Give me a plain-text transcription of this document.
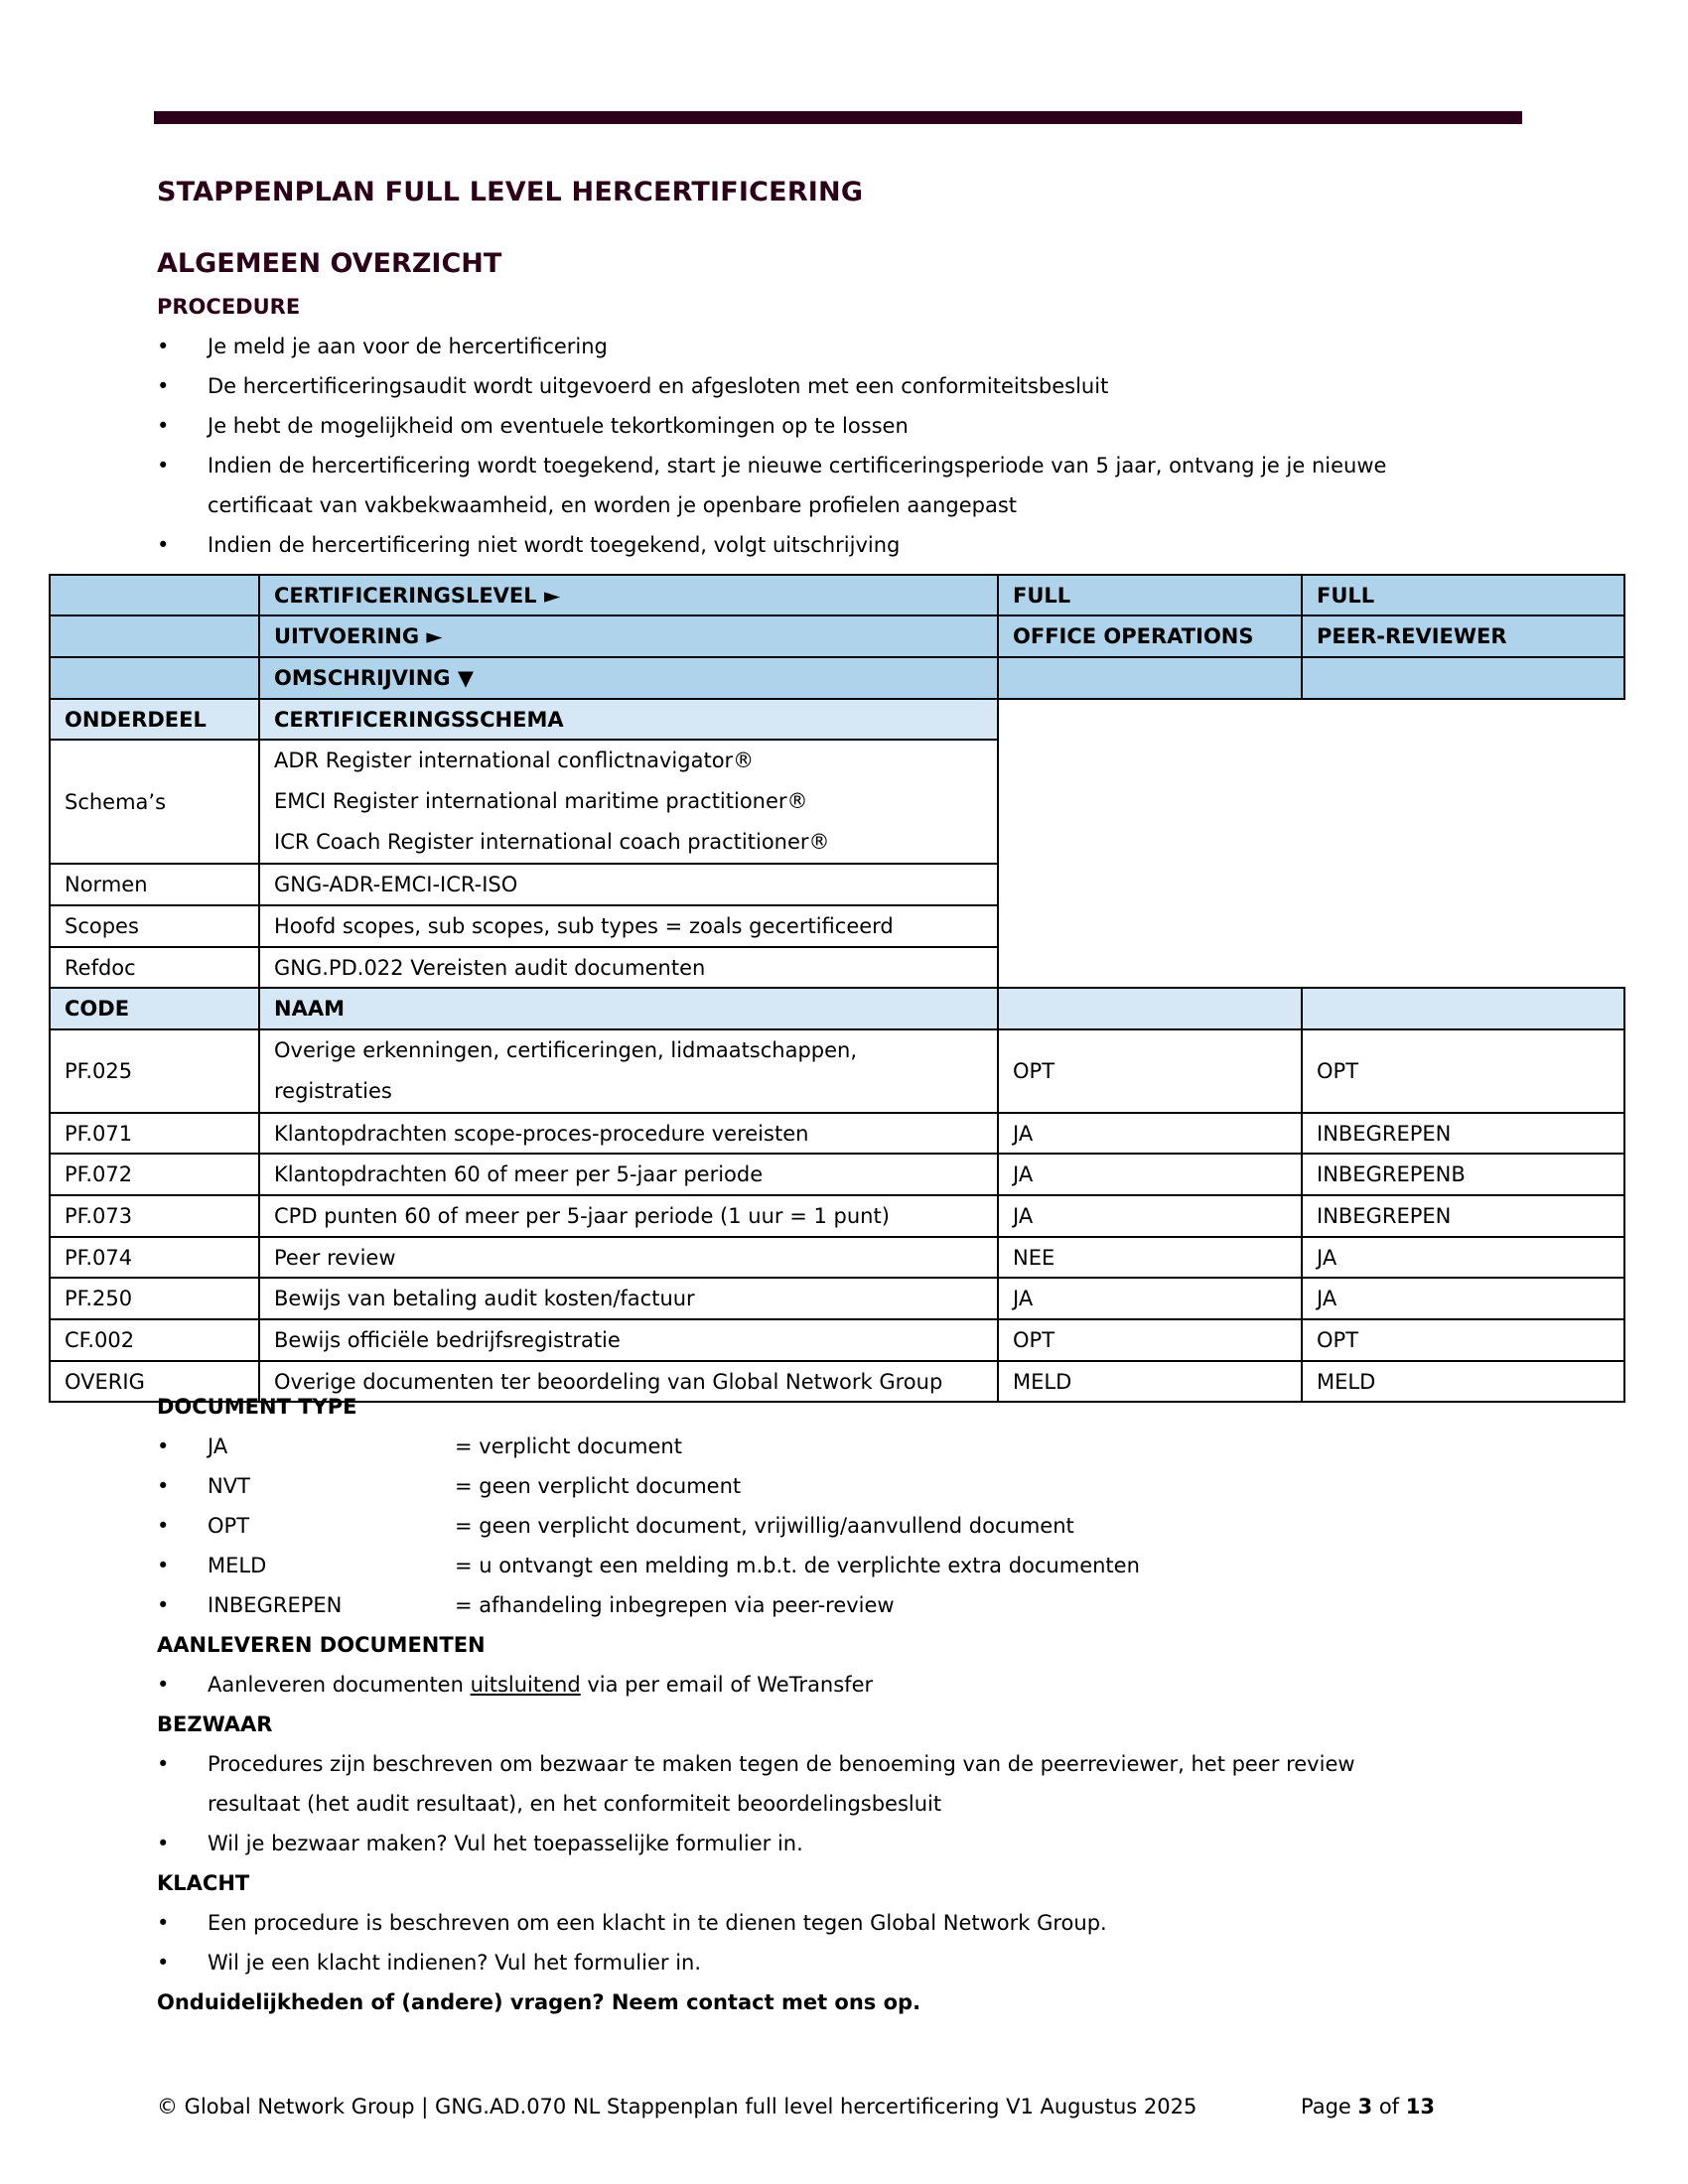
STAPPENPLAN FULL LEVEL HERCERTIFICERING
ALGEMEEN OVERZICHT
PROCEDURE
• Je meld je aan voor de hercertificering
• De hercertificeringsaudit wordt uitgevoerd en afgesloten met een conformiteitsbesluit
• Je hebt de mogelijkheid om eventuele tekortkomingen op te lossen
• Indien de hercertificering wordt toegekend, start je nieuwe certificeringsperiode van 5 jaar, ontvang je je nieuwe
certificaat van vakbekwaamheid, en worden je openbare profielen aangepast
• Indien de hercertificering niet wordt toegekend, volgt uitschrijving
	CERTIFICERINGSLEVEL ►	FULL	FULL
	UITVOERING ►	OFFICE OPERATIONS	PEER-REVIEWER
	OMSCHRIJVING ▼		
ONDERDEEL	CERTIFICERINGSSCHEMA		
Schema’s	ADR Register international conflictnavigator®
EMCI Register international maritime practitioner®
ICR Coach Register international coach practitioner®		

Normen	GNG-ADR-EMCI-ICR-ISO		
Scopes	Hoofd scopes, sub scopes, sub types = zoals gecertificeerd		
Refdoc	GNG.PD.022 Vereisten audit documenten		
CODE	NAAM		
PF.025	Overige erkenningen, certificeringen, lidmaatschappen,
registraties	OPT	OPT
PF.071	Klantopdrachten scope-proces-procedure vereisten	JA	INBEGREPEN
PF.072	Klantopdrachten 60 of meer per 5-jaar periode	JA	INBEGREPENB
PF.073	CPD punten 60 of meer per 5-jaar periode (1 uur = 1 punt)	JA	INBEGREPEN
PF.074	Peer review	NEE	JA
PF.250	Bewijs van betaling audit kosten/factuur	JA	JA
CF.002	Bewijs officiële bedrijfsregistratie	OPT	OPT
OVERIG	Overige documenten ter beoordeling van Global Network Group	MELD	MELD
DOCUMENT TYPE
• JA	= verplicht document
• NVT	= geen verplicht document
• OPT	= geen verplicht document, vrijwillig/aanvullend document
• MELD	= u ontvangt een melding m.b.t. de verplichte extra documenten
• INBEGREPEN	= afhandeling inbegrepen via peer-review
AANLEVEREN DOCUMENTEN
• Aanleveren documenten uitsluitend via per email of WeTransfer
BEZWAAR
• Procedures zijn beschreven om bezwaar te maken tegen de benoeming van de peerreviewer, het peer review
resultaat (het audit resultaat), en het conformiteit beoordelingsbesluit
• Wil je bezwaar maken? Vul het toepasselijke formulier in.
KLACHT
• Een procedure is beschreven om een klacht in te dienen tegen Global Network Group.
• Wil je een klacht indienen? Vul het formulier in.
Onduidelijkheden of (andere) vragen? Neem contact met ons op.
© Global Network Group | GNG.AD.070 NL Stappenplan full level hercertificering V1 Augustus 2025	Page 3 of 13
